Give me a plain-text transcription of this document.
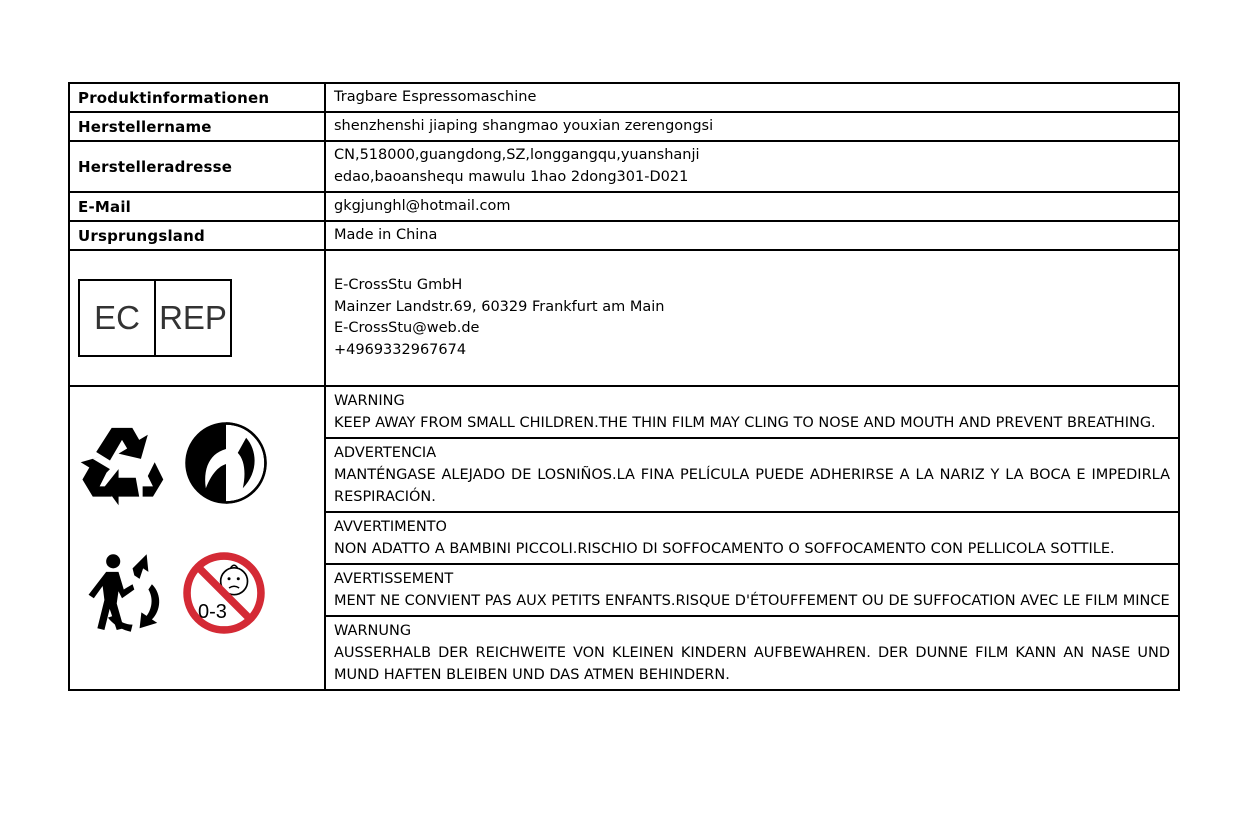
Produktinformationen	Tragbare Espressomaschine
Herstellername	shenzhenshi jiaping shangmao youxian zerengongsi
Herstelleradresse	CN,518000,guangdong,SZ,longgangqu,yuanshanji
edao,baoanshequ mawulu 1hao 2dong301-D021

E-Mail	gkgjunghl@hotmail.com
Ursprungsland	Made in China

EC REP	E-CrossStu GmbH
Mainzer Landstr.69, 60329 Frankfurt am Main
E-CrossStu@web.de
+4969332967674

0-3	WARNING
KEEP AWAY FROM SMALL CHILDREN.THE THIN FILM MAY CLING TO NOSE AND MOUTH AND PREVENT BREATHING.

	ADVERTENCIA
MANTÉNGASE ALEJADO DE LOSNIÑOS.LA FINA PELÍCULA PUEDE ADHERIRSE A LA NARIZ Y LA BOCA E IMPEDIRLA RESPIRACIÓN.

	AVVERTIMENTO
NON ADATTO A BAMBINI PICCOLI.RISCHIO DI SOFFOCAMENTO O SOFFOCAMENTO CON PELLICOLA SOTTILE.

	AVERTISSEMENT
MENT NE CONVIENT PAS AUX PETITS ENFANTS.RISQUE D'ÉTOUFFEMENT OU DE SUFFOCATION AVEC LE FILM MINCE

	WARNUNG
AUSSERHALB DER REICHWEITE VON KLEINEN KINDERN AUFBEWAHREN. DER DUNNE FILM KANN AN NASE UND MUND HAFTEN BLEIBEN UND DAS ATMEN BEHINDERN.
